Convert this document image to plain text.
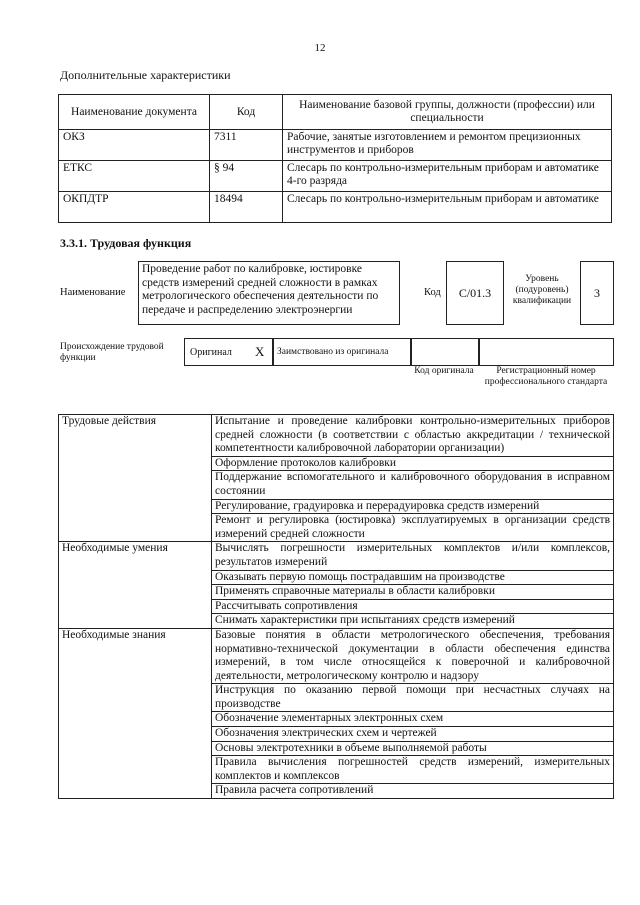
12
Дополнительные характеристики
Наименование документа	Код	Наименование базовой группы, должности (профессии) или специальности
ОКЗ	7311	Рабочие, занятые изготовлением и ремонтом прецизионных инструментов и приборов
ЕТКС	§ 94	Слесарь по контрольно-измерительным приборам и автоматике 4-го разряда
ОКПДТР	18494	Слесарь по контрольно-измерительным приборам и автоматике
3.3.1. Трудовая функция
Наименование
Проведение работ по калибровке, юстировке средств измерений средней сложности в рамках метрологического обеспечения деятельности по передаче и распределению электроэнергии
Код	C/01.3
Уровень (подуровень) квалификации
3
Происхождение трудовой функции	Оригинал X Заимствовано из оригинала
Код оригинала	Регистрационный номер профессионального стандарта
Трудовые действия	Испытание и проведение калибровки контрольно-измерительных приборов средней сложности (в соответствии с областью аккредитации / технической компетентности калибровочной лаборатории организации)
	Оформление протоколов калибровки
	Поддержание вспомогательного и калибровочного оборудования в исправном состоянии
	Регулирование, градуировка и перерадуировка средств измерений
	Ремонт и регулировка (юстировка) эксплуатируемых в организации средств измерений средней сложности
Необходимые умения	Вычислять погрешности измерительных комплектов и/или комплексов, результатов измерений
	Оказывать первую помощь пострадавшим на производстве
	Применять справочные материалы в области калибровки
	Рассчитывать сопротивления
	Снимать характеристики при испытаниях средств измерений
Необходимые знания	Базовые понятия в области метрологического обеспечения, требования нормативно-технической документации в области обеспечения единства измерений, в том числе относящейся к поверочной и калибровочной деятельности, метрологическому контролю и надзору
	Инструкция по оказанию первой помощи при несчастных случаях на производстве
	Обозначение элементарных электронных схем
	Обозначения электрических схем и чертежей
	Основы электротехники в объеме выполняемой работы
	Правила вычисления погрешностей средств измерений, измерительных комплектов и комплексов
	Правила расчета сопротивлений
